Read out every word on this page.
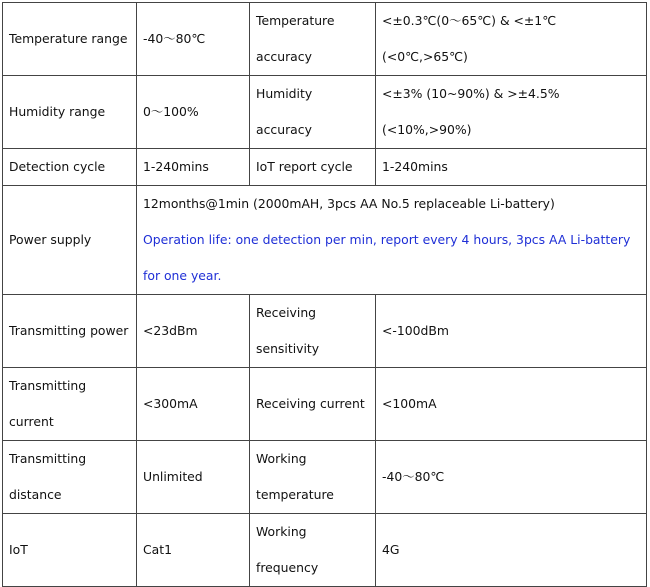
Temperature range	-40～80℃	Temperature accuracy	<±0.3℃(0～65℃) & <±1℃(<0℃,>65℃)
Humidity range	0～100%	Humidity accuracy	<±3% (10~90%) & >±4.5% (<10%,>90%)
Detection cycle	1-240mins	IoT report cycle	1-240mins
Power supply	12months@1min (2000mAH, 3pcs AA No.5 replaceable Li-battery)
Operation life: one detection per min, report every 4 hours, 3pcs AA Li-battery for one year.		

Transmitting power	<23dBm	Receiving sensitivity	<-100dBm
Transmitting current	<300mA	Receiving current	<100mA
Transmitting distance	Unlimited	Working temperature	-40～80℃
IoT	Cat1	Working frequency	4G
